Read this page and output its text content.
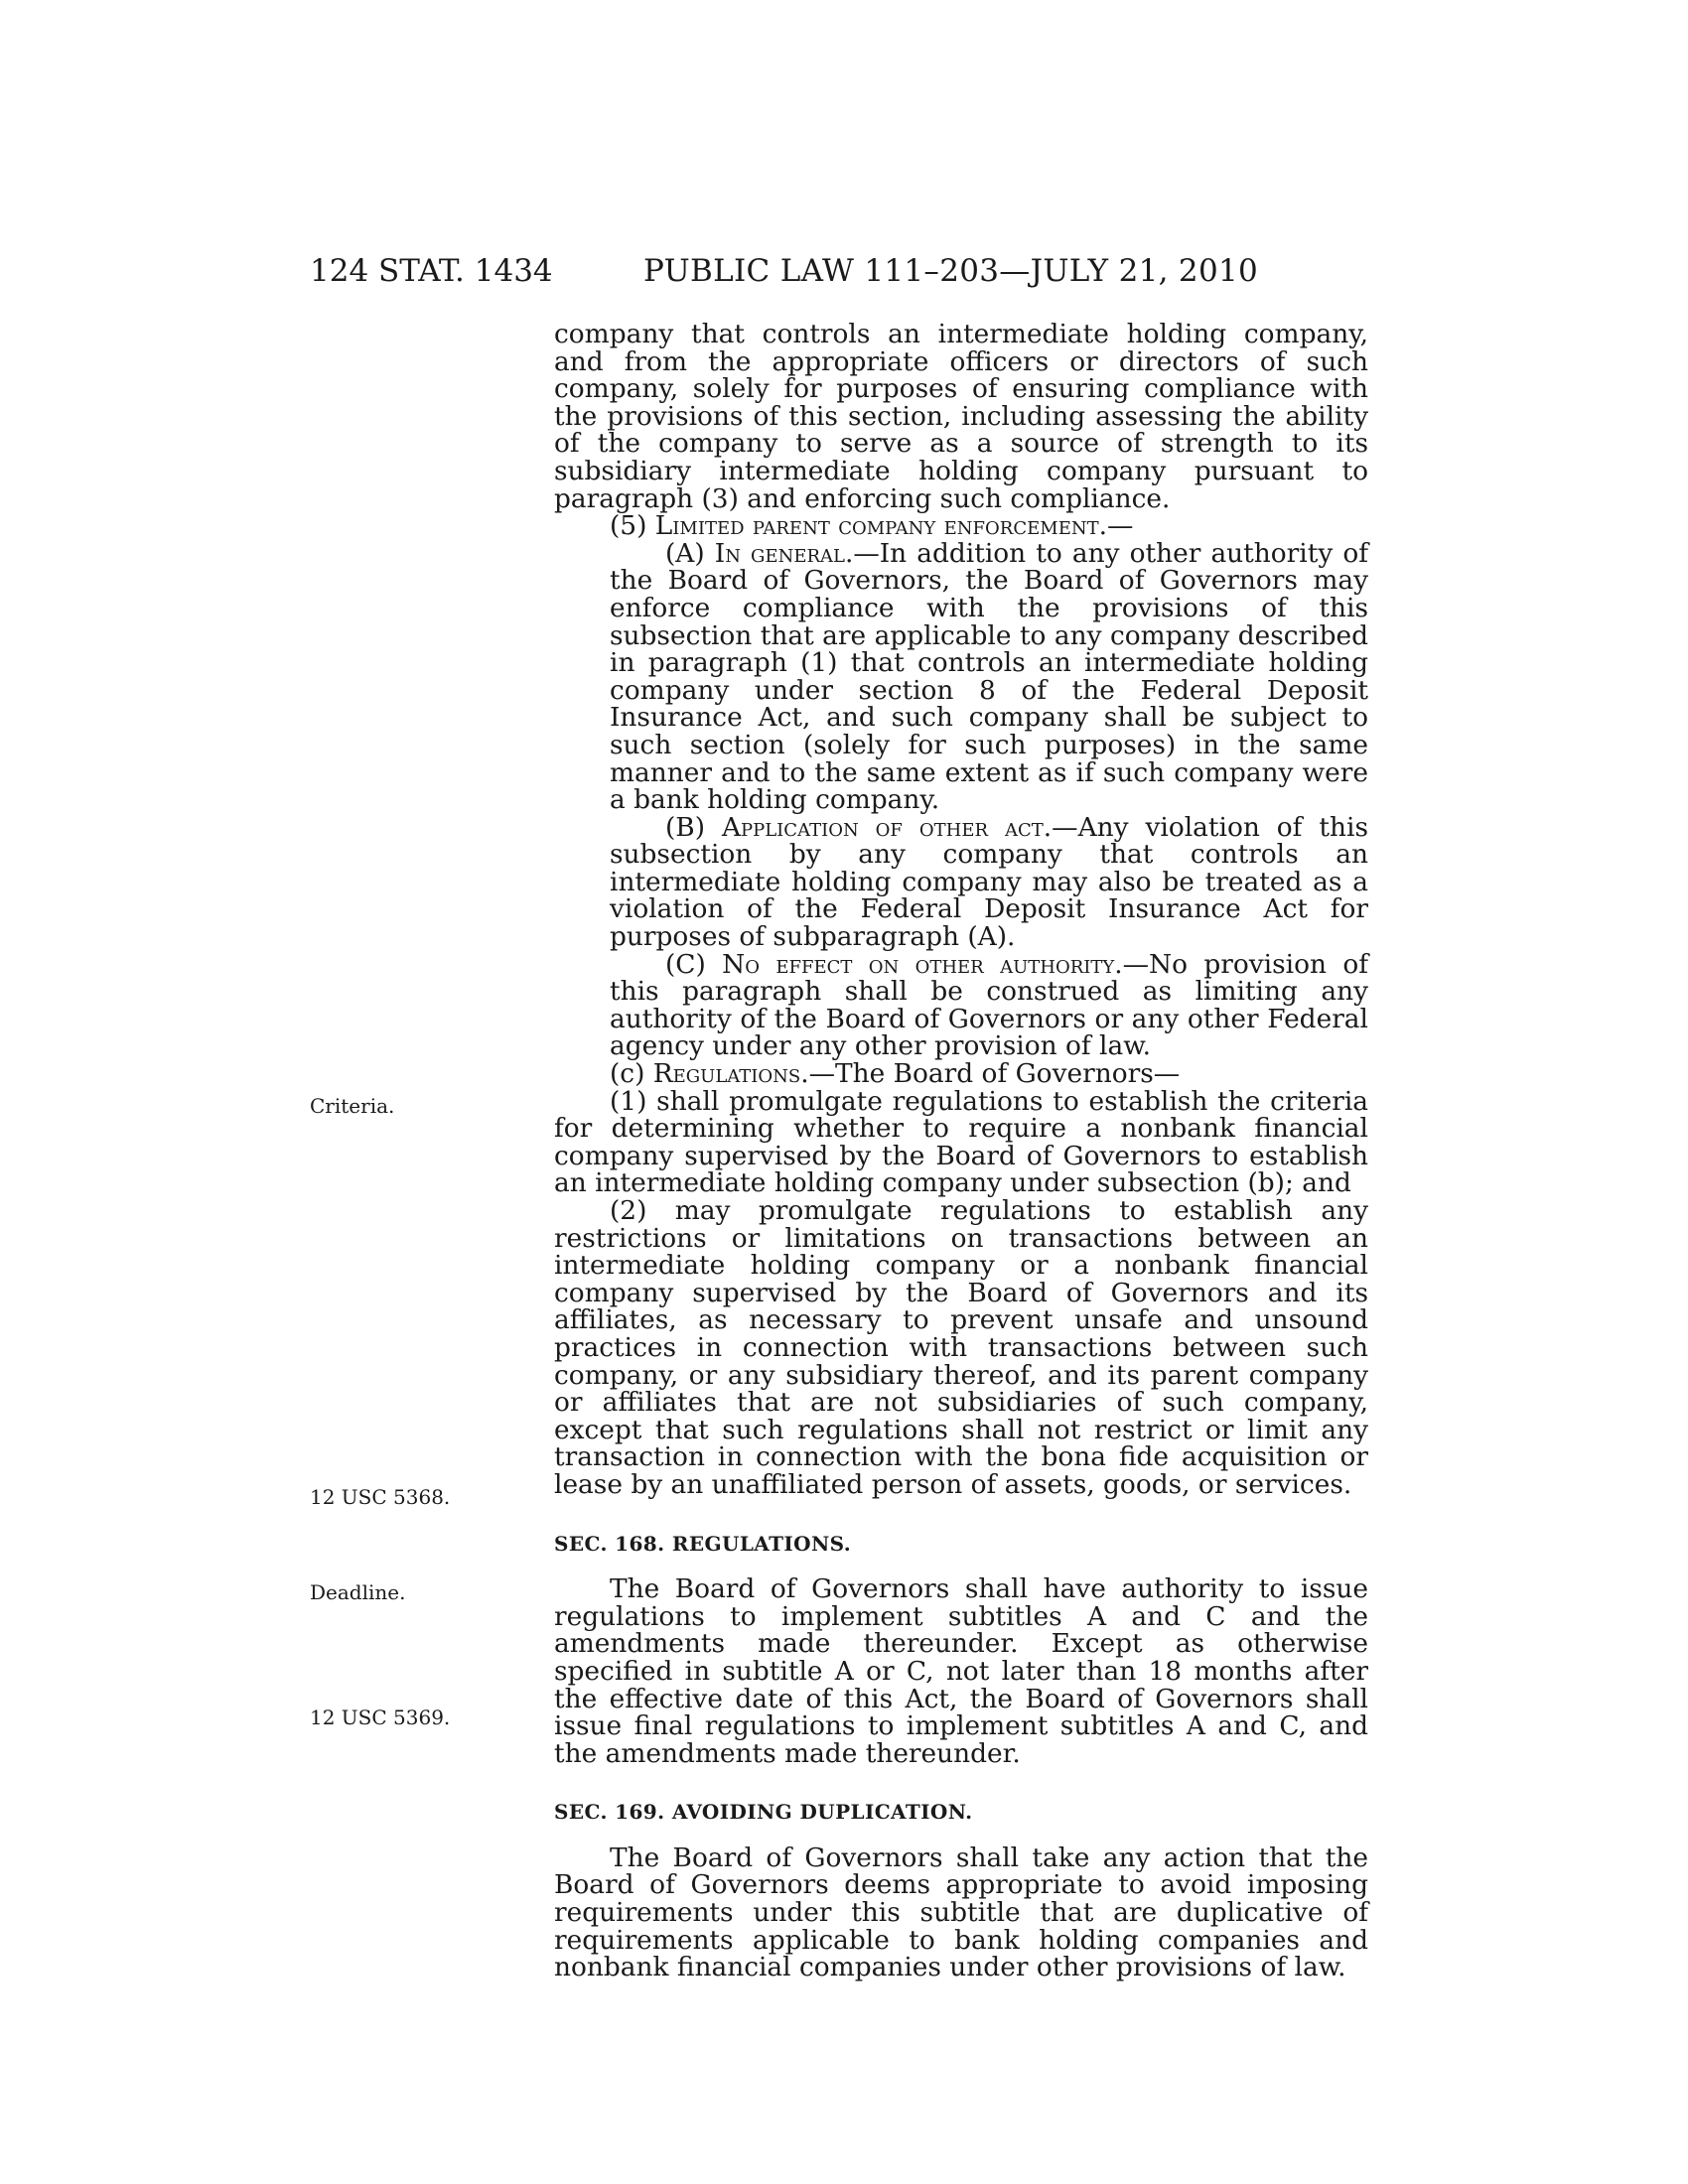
124 STAT. 1434	PUBLIC LAW 111–203—JULY 21, 2010
Criteria.
12 USC 5368.
Deadline.
12 USC 5369.

company that controls an intermediate holding company, and from the appropriate officers or directors of such company, solely for purposes of ensuring compliance with the provisions of this section, including assessing the ability of the company to serve as a source of strength to its subsidiary intermediate holding company pursuant to paragraph (3) and enforcing such compliance.

(5) Limited parent company enforcement.—

(A) In general.—In addition to any other authority of the Board of Governors, the Board of Governors may enforce compliance with the provisions of this subsection that are applicable to any company described in paragraph (1) that controls an intermediate holding company under section 8 of the Federal Deposit Insurance Act, and such company shall be subject to such section (solely for such purposes) in the same manner and to the same extent as if such company were a bank holding company.

(B) Application of other act.—Any violation of this subsection by any company that controls an intermediate holding company may also be treated as a violation of the Federal Deposit Insurance Act for purposes of subparagraph (A).

(C) No effect on other authority.—No provision of this paragraph shall be construed as limiting any authority of the Board of Governors or any other Federal agency under any other provision of law.

(c) Regulations.—The Board of Governors—

(1) shall promulgate regulations to establish the criteria for determining whether to require a nonbank financial company supervised by the Board of Governors to establish an intermediate holding company under subsection (b); and

(2) may promulgate regulations to establish any restrictions or limitations on transactions between an intermediate holding company or a nonbank financial company supervised by the Board of Governors and its affiliates, as necessary to prevent unsafe and unsound practices in connection with transactions between such company, or any subsidiary thereof, and its parent company or affiliates that are not subsidiaries of such company, except that such regulations shall not restrict or limit any transaction in connection with the bona fide acquisition or lease by an unaffiliated person of assets, goods, or services.

SEC. 168. REGULATIONS.

The Board of Governors shall have authority to issue regulations to implement subtitles A and C and the amendments made thereunder. Except as otherwise specified in subtitle A or C, not later than 18 months after the effective date of this Act, the Board of Governors shall issue final regulations to implement subtitles A and C, and the amendments made thereunder.

SEC. 169. AVOIDING DUPLICATION.

The Board of Governors shall take any action that the Board of Governors deems appropriate to avoid imposing requirements under this subtitle that are duplicative of requirements applicable to bank holding companies and nonbank financial companies under other provisions of law.
